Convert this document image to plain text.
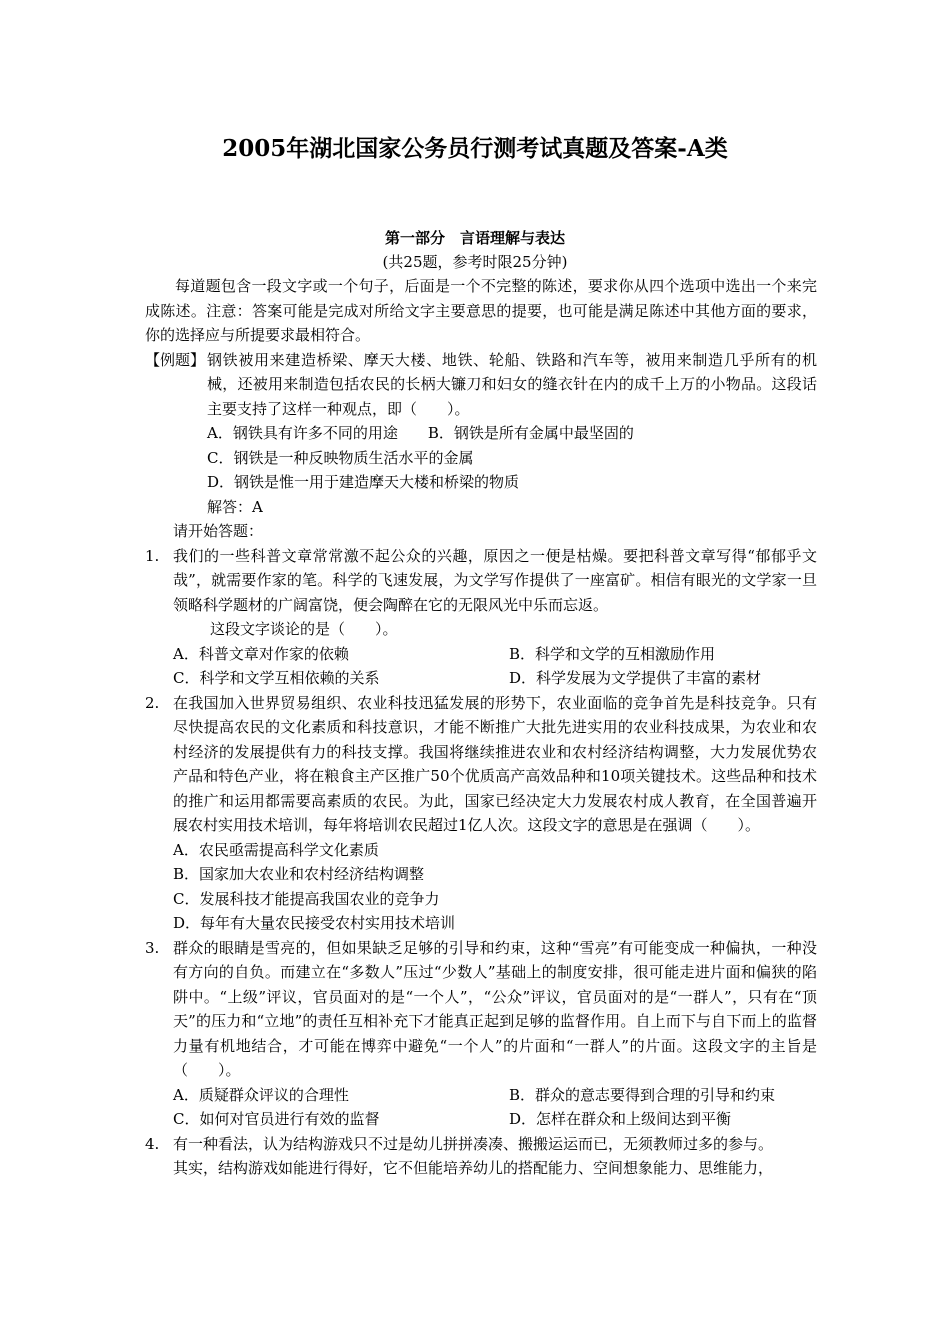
2005年湖北国家公务员行测考试真题及答案-A类
第一部分　言语理解与表达
(共25题，参考时限25分钟)

每道题包含一段文字或一个句子，后面是一个不完整的陈述，要求你从四个选项中选出一个来完成陈述。注意：答案可能是完成对所给文字主要意思的提要，也可能是满足陈述中其他方面的要求，你的选择应与所提要求最相符合。

【例题】 钢铁被用来建造桥梁、摩天大楼、地铁、轮船、铁路和汽车等，被用来制造几乎所有的机械，还被用来制造包括农民的长柄大镰刀和妇女的缝衣针在内的成千上万的小物品。这段话主要支持了这样一种观点，即（　　）。

A．钢铁具有许多不同的用途　　B．钢铁是所有金属中最坚固的

C．钢铁是一种反映物质生活水平的金属

D．钢铁是惟一用于建造摩天大楼和桥梁的物质

解答：A

请开始答题：

1. 我们的一些科普文章常常激不起公众的兴趣，原因之一便是枯燥。要把科普文章写得“郁郁乎文哉”，就需要作家的笔。科学的飞速发展，为文学写作提供了一座富矿。相信有眼光的文学家一旦领略科学题材的广阔富饶，便会陶醉在它的无限风光中乐而忘返。

这段文字谈论的是（　　）。

A．科普文章对作家的依赖	B．科学和文学的互相激励作用
C．科学和文学互相依赖的关系	D．科学发展为文学提供了丰富的素材
2. 在我国加入世界贸易组织、农业科技迅猛发展的形势下，农业面临的竞争首先是科技竞争。只有尽快提高农民的文化素质和科技意识，才能不断推广大批先进实用的农业科技成果，为农业和农村经济的发展提供有力的科技支撑。我国将继续推进农业和农村经济结构调整，大力发展优势农产品和特色产业，将在粮食主产区推广50个优质高产高效品种和10项关键技术。这些品种和技术的推广和运用都需要高素质的农民。为此，国家已经决定大力发展农村成人教育，在全国普遍开展农村实用技术培训，每年将培训农民超过1亿人次。这段文字的意思是在强调（　　）。

A．农民亟需提高科学文化素质

B．国家加大农业和农村经济结构调整

C．发展科技才能提高我国农业的竞争力

D．每年有大量农民接受农村实用技术培训

3. 群众的眼睛是雪亮的，但如果缺乏足够的引导和约束，这种“雪亮”有可能变成一种偏执，一种没有方向的自负。而建立在“多数人”压过“少数人”基础上的制度安排，很可能走进片面和偏狭的陷阱中。“上级”评议，官员面对的是“一个人”，“公众”评议，官员面对的是“一群人”，只有在“顶天”的压力和“立地”的责任互相补充下才能真正起到足够的监督作用。自上而下与自下而上的监督力量有机地结合，才可能在博弈中避免“一个人”的片面和“一群人”的片面。这段文字的主旨是（　　）。

A．质疑群众评议的合理性	B．群众的意志要得到合理的引导和约束
C．如何对官员进行有效的监督	D．怎样在群众和上级间达到平衡
4. 有一种看法，认为结构游戏只不过是幼儿拼拼凑凑、搬搬运运而已，无须教师过多的参与。

其实，结构游戏如能进行得好，它不但能培养幼儿的搭配能力、空间想象能力、思维能力，
